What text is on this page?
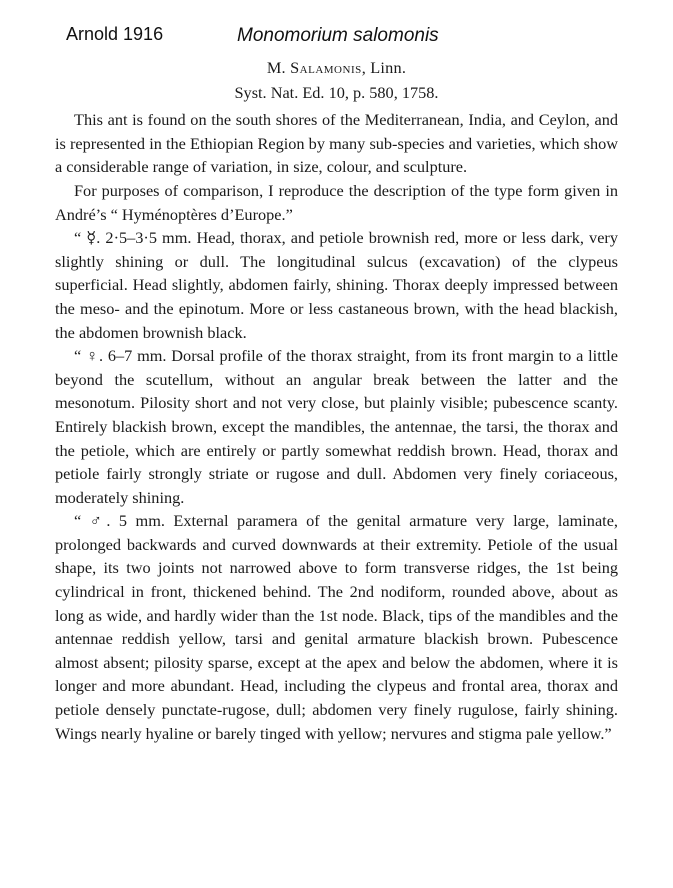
Arnold 1916	Monomorium salomonis

M. Salamonis, Linn.

Syst. Nat. Ed. 10, p. 580, 1758.

This ant is found on the south shores of the Mediterranean, India, and Ceylon, and is represented in the Ethiopian Region by many sub-species and varieties, which show a considerable range of variation, in size, colour, and sculpture.

For purposes of comparison, I reproduce the description of the type form given in André’s “ Hyménoptères d’Europe.”

“ ☿. 2·5–3·5 mm. Head, thorax, and petiole brownish red, more or less dark, very slightly shining or dull. The longitudinal sulcus (excavation) of the clypeus superficial. Head slightly, abdomen fairly, shining. Thorax deeply impressed between the meso- and the epinotum. More or less castaneous brown, with the head blackish, the abdomen brownish black.

“ ♀. 6–7 mm. Dorsal profile of the thorax straight, from its front margin to a little beyond the scutellum, without an angular break between the latter and the mesonotum. Pilosity short and not very close, but plainly visible; pubescence scanty. Entirely blackish brown, except the mandibles, the antennae, the tarsi, the thorax and the petiole, which are entirely or partly somewhat reddish brown. Head, thorax and petiole fairly strongly striate or rugose and dull. Abdomen very finely coriaceous, moderately shining.

“ ♂. 5 mm. External paramera of the genital armature very large, laminate, prolonged backwards and curved downwards at their extremity. Petiole of the usual shape, its two joints not narrowed above to form transverse ridges, the 1st being cylindrical in front, thickened behind. The 2nd nodiform, rounded above, about as long as wide, and hardly wider than the 1st node. Black, tips of the mandibles and the antennae reddish yellow, tarsi and genital armature blackish brown. Pubescence almost absent; pilosity sparse, except at the apex and below the abdomen, where it is longer and more abundant. Head, including the clypeus and frontal area, thorax and petiole densely punctate-rugose, dull; abdomen very finely rugulose, fairly shining. Wings nearly hyaline or barely tinged with yellow; nervures and stigma pale yellow.”
